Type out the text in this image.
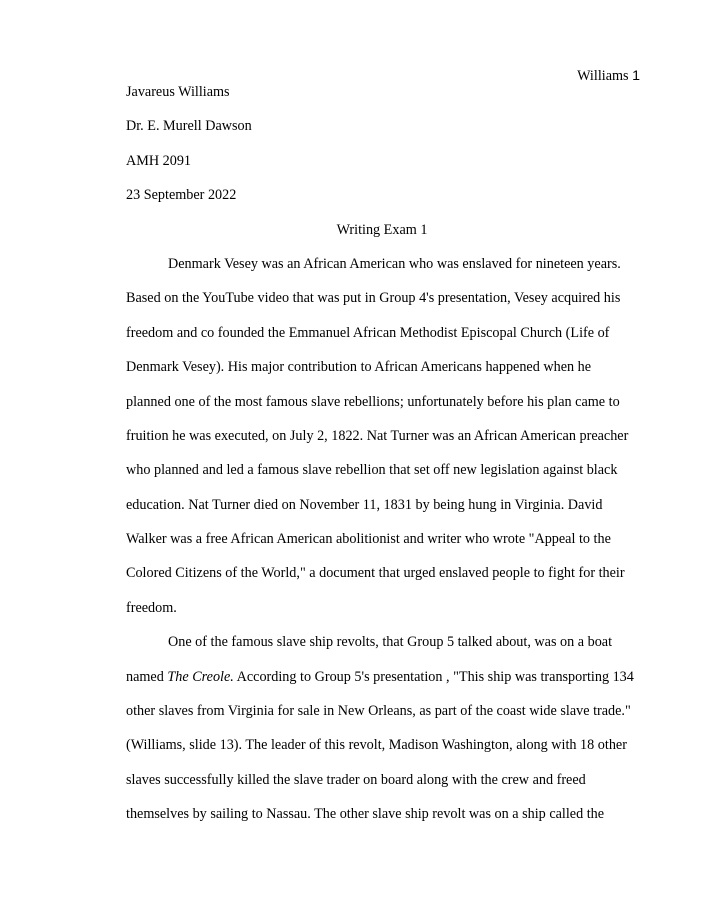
Williams 1

Javareus Williams

Dr. E. Murell Dawson

AMH 2091

23 September 2022

Writing Exam 1

Denmark Vesey was an African American who was enslaved for nineteen years.

Based on the YouTube video that was put in Group 4's presentation, Vesey acquired his

freedom and co founded the Emmanuel African Methodist Episcopal Church (Life of

Denmark Vesey). His major contribution to African Americans happened when he

planned one of the most famous slave rebellions; unfortunately before his plan came to

fruition he was executed, on July 2, 1822. Nat Turner was an African American preacher

who planned and led a famous slave rebellion that set off new legislation against black

education. Nat Turner died on November 11, 1831 by being hung in Virginia. David

Walker was a free African American abolitionist and writer who wrote "Appeal to the

Colored Citizens of the World," a document that urged enslaved people to fight for their

freedom.

One of the famous slave ship revolts, that Group 5 talked about, was on a boat

named The Creole. According to Group 5's presentation , "This ship was transporting 134

other slaves from Virginia for sale in New Orleans, as part of the coast wide slave trade."

(Williams, slide 13). The leader of this revolt, Madison Washington, along with 18 other

slaves successfully killed the slave trader on board along with the crew and freed

themselves by sailing to Nassau. The other slave ship revolt was on a ship called the
